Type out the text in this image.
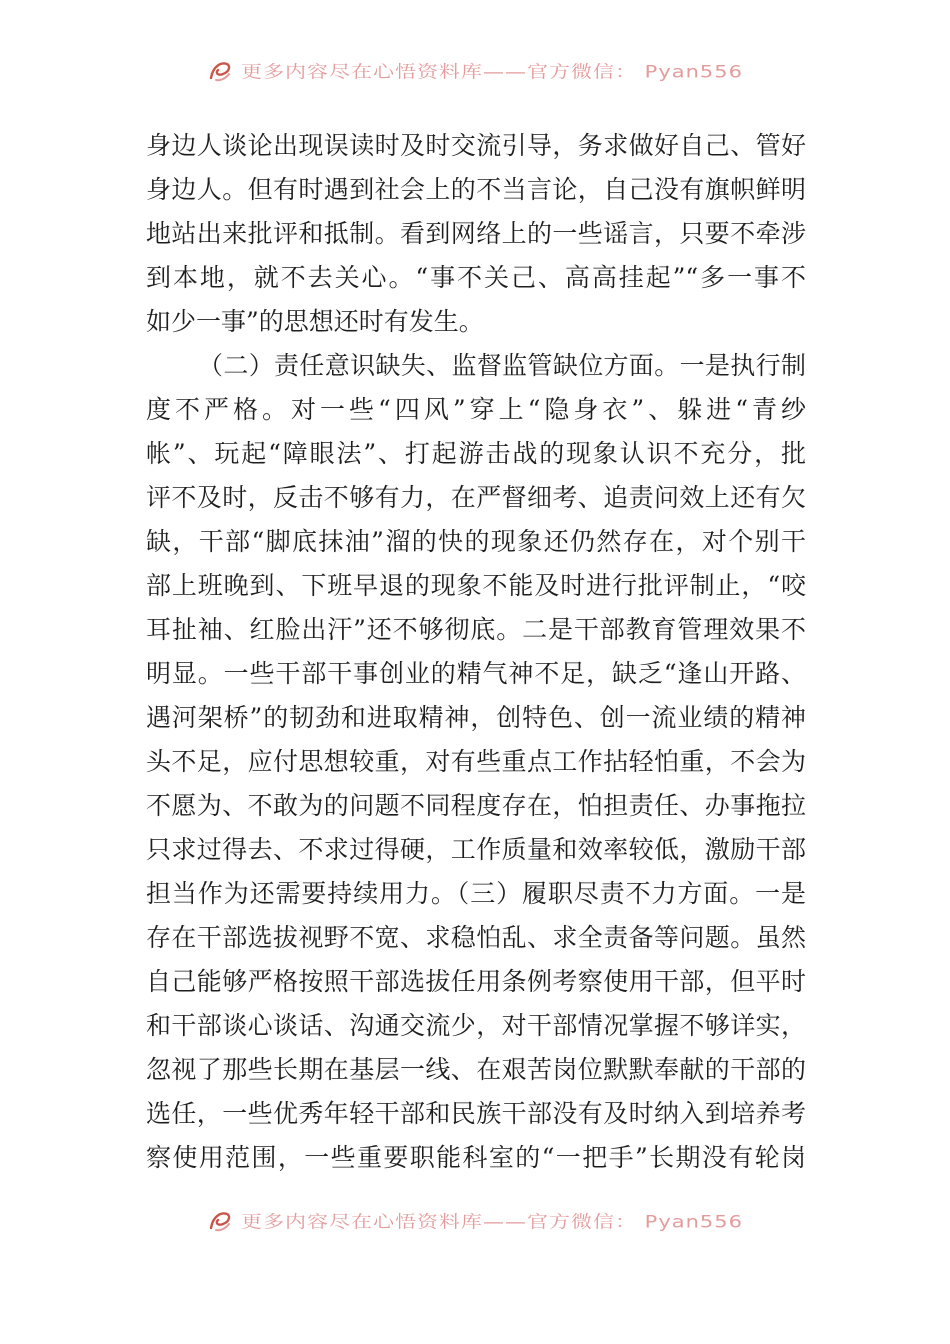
更多内容尽在心悟资料库——官方微信： Pyan556
身边人谈论出现误读时及时交流引导，务求做好自己、管好
身边人。但有时遇到社会上的不当言论，自己没有旗帜鲜明
地站出来批评和抵制。看到网络上的一些谣言，只要不牵涉
到本地，就不去关心。“事不关己、高高挂起”“多一事不
如少一事”的思想还时有发生。
（二）责任意识缺失、监督监管缺位方面。一是执行制
度不严格。对一些“四风”穿上“隐身衣”、躲进“青纱
帐”、玩起“障眼法”、打起游击战的现象认识不充分，批
评不及时，反击不够有力，在严督细考、追责问效上还有欠
缺，干部“脚底抹油”溜的快的现象还仍然存在，对个别干
部上班晚到、下班早退的现象不能及时进行批评制止，“咬
耳扯袖、红脸出汗”还不够彻底。二是干部教育管理效果不
明显。一些干部干事创业的精气神不足，缺乏“逢山开路、
遇河架桥”的韧劲和进取精神，创特色、创一流业绩的精神
头不足，应付思想较重，对有些重点工作拈轻怕重，不会为
不愿为、不敢为的问题不同程度存在，怕担责任、办事拖拉
只求过得去、不求过得硬，工作质量和效率较低，激励干部
担当作为还需要持续用力。（三）履职尽责不力方面。一是
存在干部选拔视野不宽、求稳怕乱、求全责备等问题。虽然
自己能够严格按照干部选拔任用条例考察使用干部，但平时
和干部谈心谈话、沟通交流少，对干部情况掌握不够详实，
忽视了那些长期在基层一线、在艰苦岗位默默奉献的干部的
选任，一些优秀年轻干部和民族干部没有及时纳入到培养考
察使用范围，一些重要职能科室的“一把手”长期没有轮岗
更多内容尽在心悟资料库——官方微信： Pyan556
